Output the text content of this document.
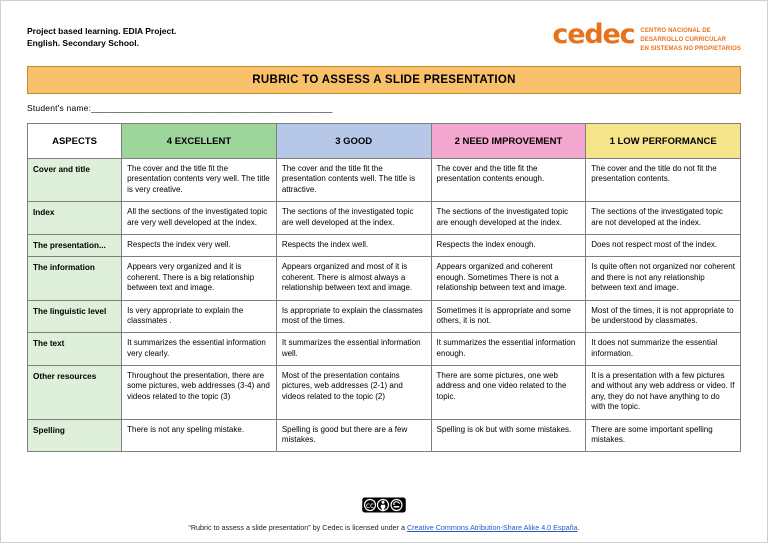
Project based learning. EDIA Project.
English. Secondary School.	cedec CENTRO NACIONAL DE
DESARROLLO CURRICULAR
EN SISTEMAS NO PROPIETARIOS
RUBRIC TO ASSESS A SLIDE PRESENTATION
Student's name:_________________________________________________
ASPECTS	4 EXCELLENT	3 GOOD	2 NEED IMPROVEMENT	1 LOW PERFORMANCE
Cover and title	The cover and the title fit the presentation contents very well. The title is very creative.	The cover and the title fit the presentation contents well. The title is attractive.	The cover and the title fit the presentation contents enough.	The cover and the title do not fit the presentation contents.
Index	All the sections of the investigated topic are very well developed at the index.	The sections of the investigated topic are well developed at the index.	The sections of the investigated topic are enough developed at the index.	The sections of the investigated topic are not developed at the index.
The presentation...	Respects the index very well.	Respects the index well.	Respects the index enough.	Does not respect most of the index.
The information	Appears very organized and it is coherent. There is a big relationship between text and image.	Appears organized and most of it is coherent. There is almost always a relationship between text and image.	Appears organized and coherent enough. Sometimes There is not a relationship between text and image.	Is quite often not organized nor coherent and there is not any relationship between text and image.
The linguistic level	Is very appropriate to explain the classmates .	Is appropriate to explain the classmates most of the times.	Sometimes it is appropriate and some others, it is not.	Most of the times, it is not appropriate to be understood by classmates.
The text	It summarizes the essential information very clearly.	It summarizes the essential information well.	It summarizes the essential information enough.	It does not summarize the essential information.
Other resources	Throughout the presentation, there are some pictures, web addresses (3-4) and videos related to the topic (3)	Most of the presentation contains pictures, web addresses (2-1) and videos related to the topic (2)	There are some pictures, one web address and one video related to the topic.	It is a presentation with a few pictures and without any web address or video. If any, they do not have anything to do with the topic.
Spelling	There is not any speling mistake.	Spelling is good but there are a few mistakes.	Spelling is ok but with some mistakes.	There are some important spelling mistakes.
cc
“Rubric to assess a slide presentation” by Cedec is licensed under a Creative Commons Atribution-Share Alike 4.0 España.
